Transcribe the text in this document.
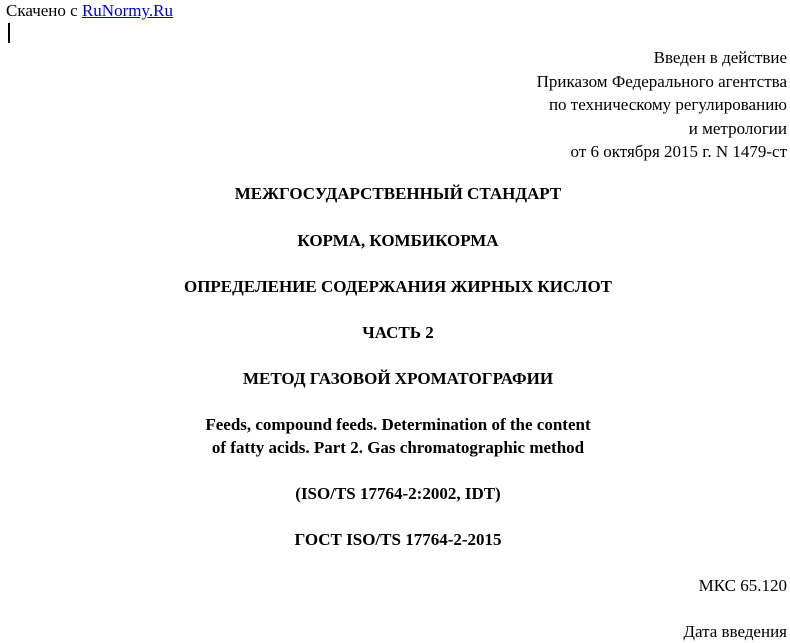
Скачено с RuNormy.Ru
Введен в действие
Приказом Федерального агентства
по техническому регулированию
и метрологии
от 6 октября 2015 г. N 1479-ст
МЕЖГОСУДАРСТВЕННЫЙ СТАНДАРТ
КОРМА, КОМБИКОРМА
ОПРЕДЕЛЕНИЕ СОДЕРЖАНИЯ ЖИРНЫХ КИСЛОТ
ЧАСТЬ 2
МЕТОД ГАЗОВОЙ ХРОМАТОГРАФИИ
Feeds, compound feeds. Determination of the content
of fatty acids. Part 2. Gas chromatographic method
(ISO/TS 17764-2:2002, IDT)
ГОСТ ISO/TS 17764-2-2015
МКС 65.120
Дата введения
